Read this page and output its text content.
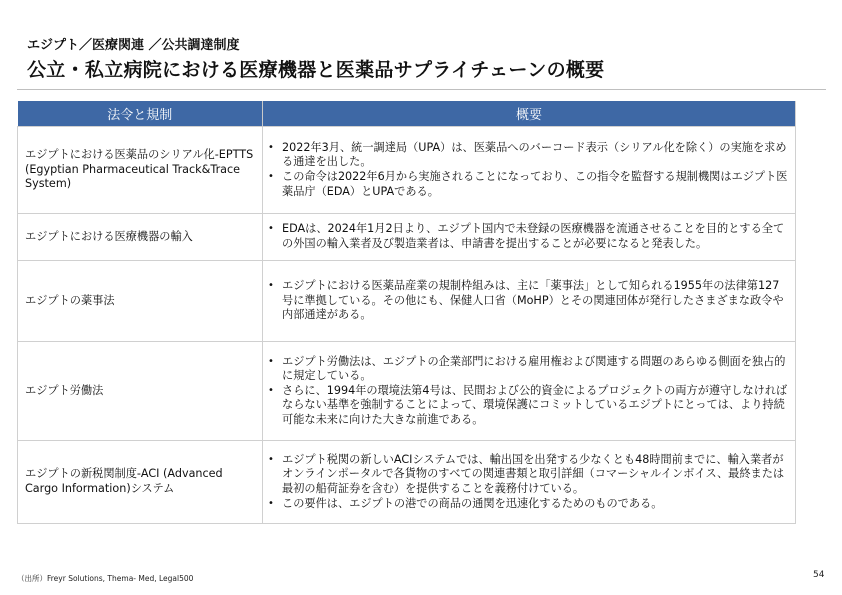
エジプト／医療関連 ／公共調達制度
公立・私立病院における医療機器と医薬品サプライチェーンの概要
法令と規制	概要
エジプトにおける医薬品のシリアル化-EPTTS (Egyptian Pharmaceutical Track&Trace System)	
• 2022年3月、統一調達局（UPA）は、医薬品へのバーコード表示（シリアル化を除く）の実施を求める通達を出した。
• この命令は2022年6月から実施されることになっており、この指令を監督する規制機関はエジプト医薬品庁（EDA）とUPAである。

エジプトにおける医療機器の輸入	
• EDAは、2024年1月2日より、エジプト国内で未登録の医療機器を流通させることを目的とする全ての外国の輸入業者及び製造業者は、申請書を提出することが必要になると発表した。

エジプトの薬事法	
• エジプトにおける医薬品産業の規制枠組みは、主に「薬事法」として知られる1955年の法律第127号に準拠している。その他にも、保健人口省（MoHP）とその関連団体が発行したさまざまな政令や内部通達がある。

エジプト労働法	
• エジプト労働法は、エジプトの企業部門における雇用権および関連する問題のあらゆる側面を独占的に規定している。
• さらに、1994年の環境法第4号は、民間および公的資金によるプロジェクトの両方が遵守しなければならない基準を強制することによって、環境保護にコミットしているエジプトにとっては、より持続可能な未来に向けた大きな前進である。

エジプトの新税関制度-ACI (Advanced Cargo Information)システム	
• エジプト税関の新しいACIシステムでは、輸出国を出発する少なくとも48時間前までに、輸入業者がオンラインポータルで各貨物のすべての関連書類と取引詳細（コマーシャルインボイス、最終または最初の船荷証券を含む）を提供することを義務付けている。
• この要件は、エジプトの港での商品の通関を迅速化するためのものである。
（出所）Freyr Solutions, Thema- Med, Legal500	54
